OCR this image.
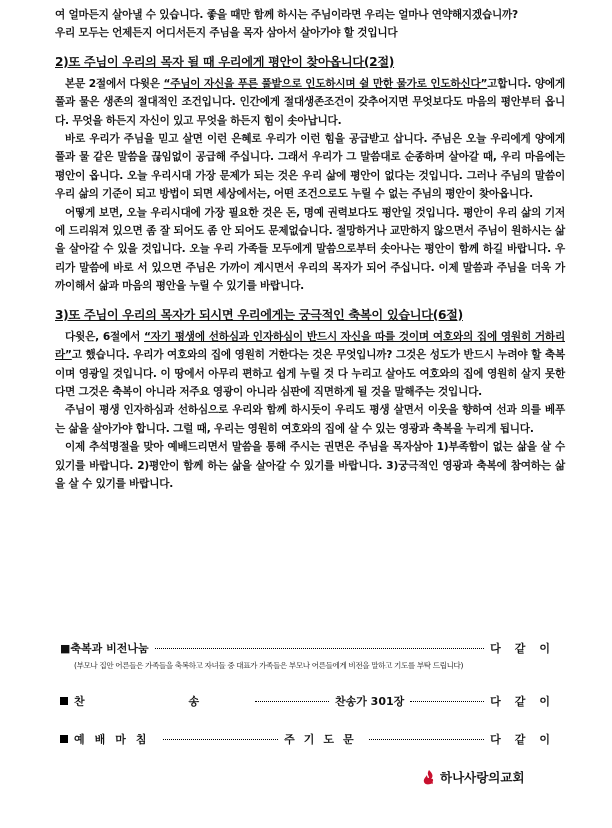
여 얼마든지 살아낼 수 있습니다. 좋을 때만 함께 하시는 주님이라면 우리는 얼마나 연약해지겠습니까?

우리 모두는 언제든지 어디서든지 주님을 목자 삼아서 살아가야 할 것입니다

2)또 주님이 우리의 목자 될 때 우리에게 평안이 찾아옵니다(2절)

본문 2절에서 다윗은 “주님이 자신을 푸른 풀밭으로 인도하시며 쉴 만한 물가로 인도하신다”고합니다. 양에게 풀과 물은 생존의 절대적인 조건입니다. 인간에게 절대생존조건이 갖추어지면 무엇보다도 마음의 평안부터 옵니다. 무엇을 하든지 자신이 있고 무엇을 하든지 힘이 솟아납니다.

바로 우리가 주님을 믿고 살면 이런 은혜로 우리가 이런 힘을 공급받고 삽니다. 주님은 오늘 우리에게 양에게 풀과 물 같은 말씀을 끊임없이 공급해 주십니다. 그래서 우리가 그 말씀대로 순종하며 살아갈 때, 우리 마음에는 평안이 옵니다. 오늘 우리시대 가장 문제가 되는 것은 우리 삶에 평안이 없다는 것입니다. 그러나 주님의 말씀이 우리 삶의 기준이 되고 방법이 되면 세상에서는, 어떤 조건으로도 누릴 수 없는 주님의 평안이 찾아옵니다.

어떻게 보면, 오늘 우리시대에 가장 필요한 것은 돈, 명예 권력보다도 평안일 것입니다. 평안이 우리 삶의 기저에 드리워져 있으면 좀 잘 되어도 좀 안 되어도 문제없습니다. 절망하거나 교만하지 않으면서 주님이 원하시는 삶을 살아갈 수 있을 것입니다. 오늘 우리 가족들 모두에게 말씀으로부터 솟아나는 평안이 함께 하길 바랍니다. 우리가 말씀에 바로 서 있으면 주님은 가까이 계시면서 우리의 목자가 되어 주십니다. 이제 말씀과 주님을 더욱 가까이해서 삶과 마음의 평안을 누릴 수 있기를 바랍니다.

3)또 주님이 우리의 목자가 되시면 우리에게는 궁극적인 축복이 있습니다(6절)

다윗은, 6절에서 “자기 평생에 선하심과 인자하심이 반드시 자신을 따를 것이며 여호와의 집에 영원히 거하리라”고 했습니다. 우리가 여호와의 집에 영원히 거한다는 것은 무엇입니까? 그것은 성도가 반드시 누려야 할 축복이며 영광일 것입니다. 이 땅에서 아무리 편하고 쉽게 누릴 것 다 누리고 살아도 여호와의 집에 영원히 살지 못한다면 그것은 축복이 아니라 저주요 영광이 아니라 심판에 직면하게 될 것을 말해주는 것입니다.

주님이 평생 인자하심과 선하심으로 우리와 함께 하시듯이 우리도 평생 살면서 이웃을 향하여 선과 의를 베푸는 삶을 살아가야 합니다. 그럴 때, 우리는 영원히 여호와의 집에 살 수 있는 영광과 축복을 누리게 됩니다.

이제 추석명절을 맞아 예배드리면서 말씀을 통해 주시는 권면은 주님을 목자삼아 1)부족함이 없는 삶을 살 수 있기를 바랍니다. 2)평안이 함께 하는 삶을 살아갈 수 있기를 바랍니다. 3)궁극적인 영광과 축복에 참여하는 삶을 살 수 있기를 바랍니다.

■축복과 비전나눔	다같이
(부모나 집안 어른들은 가족들을 축복하고 자녀들 중 대표가 가족들은 부모나 어른들에게 비전을 말하고 기도를 부탁 드립니다)
찬 송	찬송가 301장	다같이
예배마침	주기도문	다같이
하나사랑의교회
